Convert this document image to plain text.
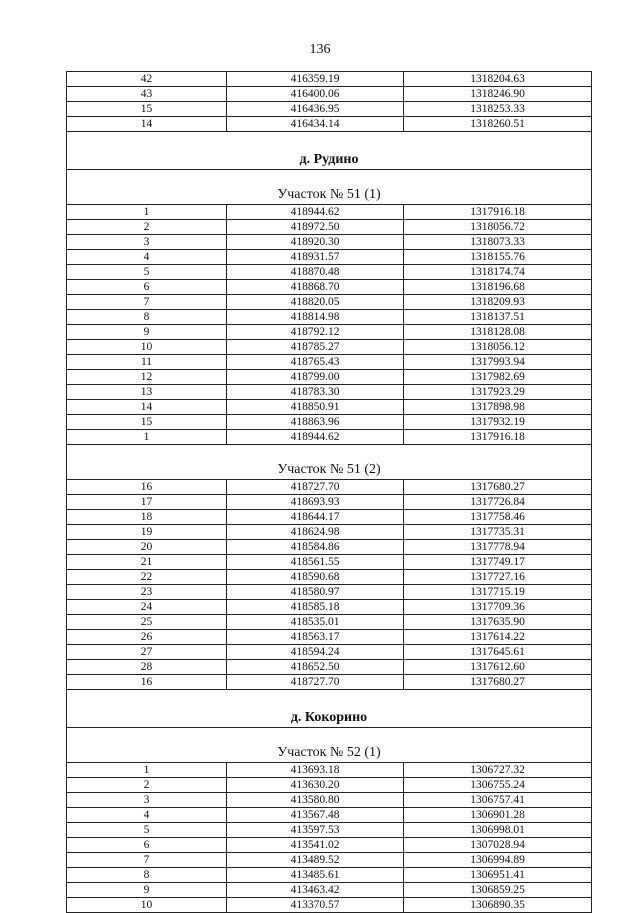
136
42	416359.19	1318204.63
43	416400.06	1318246.90
15	416436.95	1318253.33
14	416434.14	1318260.51

д. Рудино		
Участок № 51 (1)		
1	418944.62	1317916.18
2	418972.50	1318056.72
3	418920.30	1318073.33
4	418931.57	1318155.76
5	418870.48	1318174.74
6	418868.70	1318196.68
7	418820.05	1318209.93
8	418814.98	1318137.51
9	418792.12	1318128.08
10	418785.27	1318056.12
11	418765.43	1317993.94
12	418799.00	1317982.69
13	418783.30	1317923.29
14	418850.91	1317898.98
15	418863.96	1317932.19
1	418944.62	1317916.18
Участок № 51 (2)		
16	418727.70	1317680.27
17	418693.93	1317726.84
18	418644.17	1317758.46
19	418624.98	1317735.31
20	418584.86	1317778.94
21	418561.55	1317749.17
22	418590.68	1317727.16
23	418580.97	1317715.19
24	418585.18	1317709.36
25	418535.01	1317635.90
26	418563.17	1317614.22
27	418594.24	1317645.61
28	418652.50	1317612.60
16	418727.70	1317680.27

д. Кокорино		
Участок № 52 (1)		
1	413693.18	1306727.32
2	413630.20	1306755.24
3	413580.80	1306757.41
4	413567.48	1306901.28
5	413597.53	1306998.01
6	413541.02	1307028.94
7	413489.52	1306994.89
8	413485.61	1306951.41
9	413463.42	1306859.25
10	413370.57	1306890.35
